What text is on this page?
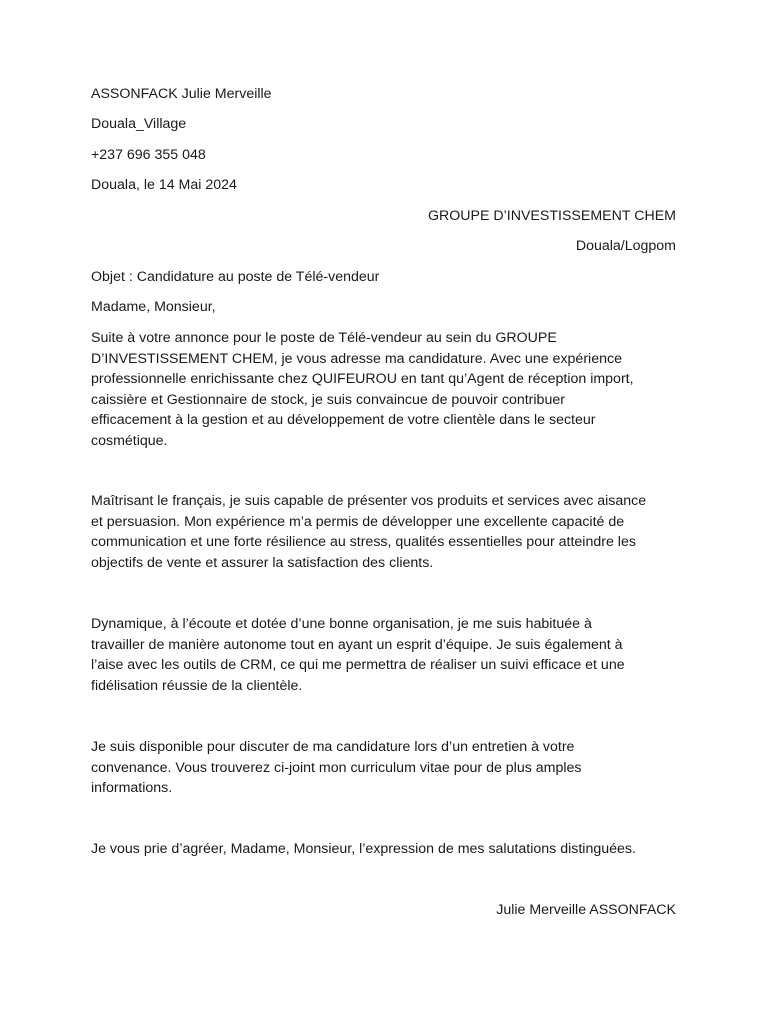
ASSONFACK Julie Merveille
Douala_Village
+237 696 355 048
Douala, le 14 Mai 2024
GROUPE D’INVESTISSEMENT CHEM
Douala/Logpom
Objet : Candidature au poste de Télé-vendeur
Madame, Monsieur,
Suite à votre annonce pour le poste de Télé-vendeur au sein du GROUPE
D’INVESTISSEMENT CHEM, je vous adresse ma candidature. Avec une expérience
professionnelle enrichissante chez QUIFEUROU en tant qu’Agent de réception import,
caissière et Gestionnaire de stock, je suis convaincue de pouvoir contribuer
efficacement à la gestion et au développement de votre clientèle dans le secteur
cosmétique.
Maîtrisant le français, je suis capable de présenter vos produits et services avec aisance
et persuasion. Mon expérience m’a permis de développer une excellente capacité de
communication et une forte résilience au stress, qualités essentielles pour atteindre les
objectifs de vente et assurer la satisfaction des clients.
Dynamique, à l’écoute et dotée d’une bonne organisation, je me suis habituée à
travailler de manière autonome tout en ayant un esprit d’équipe. Je suis également à
l’aise avec les outils de CRM, ce qui me permettra de réaliser un suivi efficace et une
fidélisation réussie de la clientèle.
Je suis disponible pour discuter de ma candidature lors d’un entretien à votre
convenance. Vous trouverez ci-joint mon curriculum vitae pour de plus amples
informations.
Je vous prie d’agréer, Madame, Monsieur, l’expression de mes salutations distinguées.
Julie Merveille ASSONFACK
